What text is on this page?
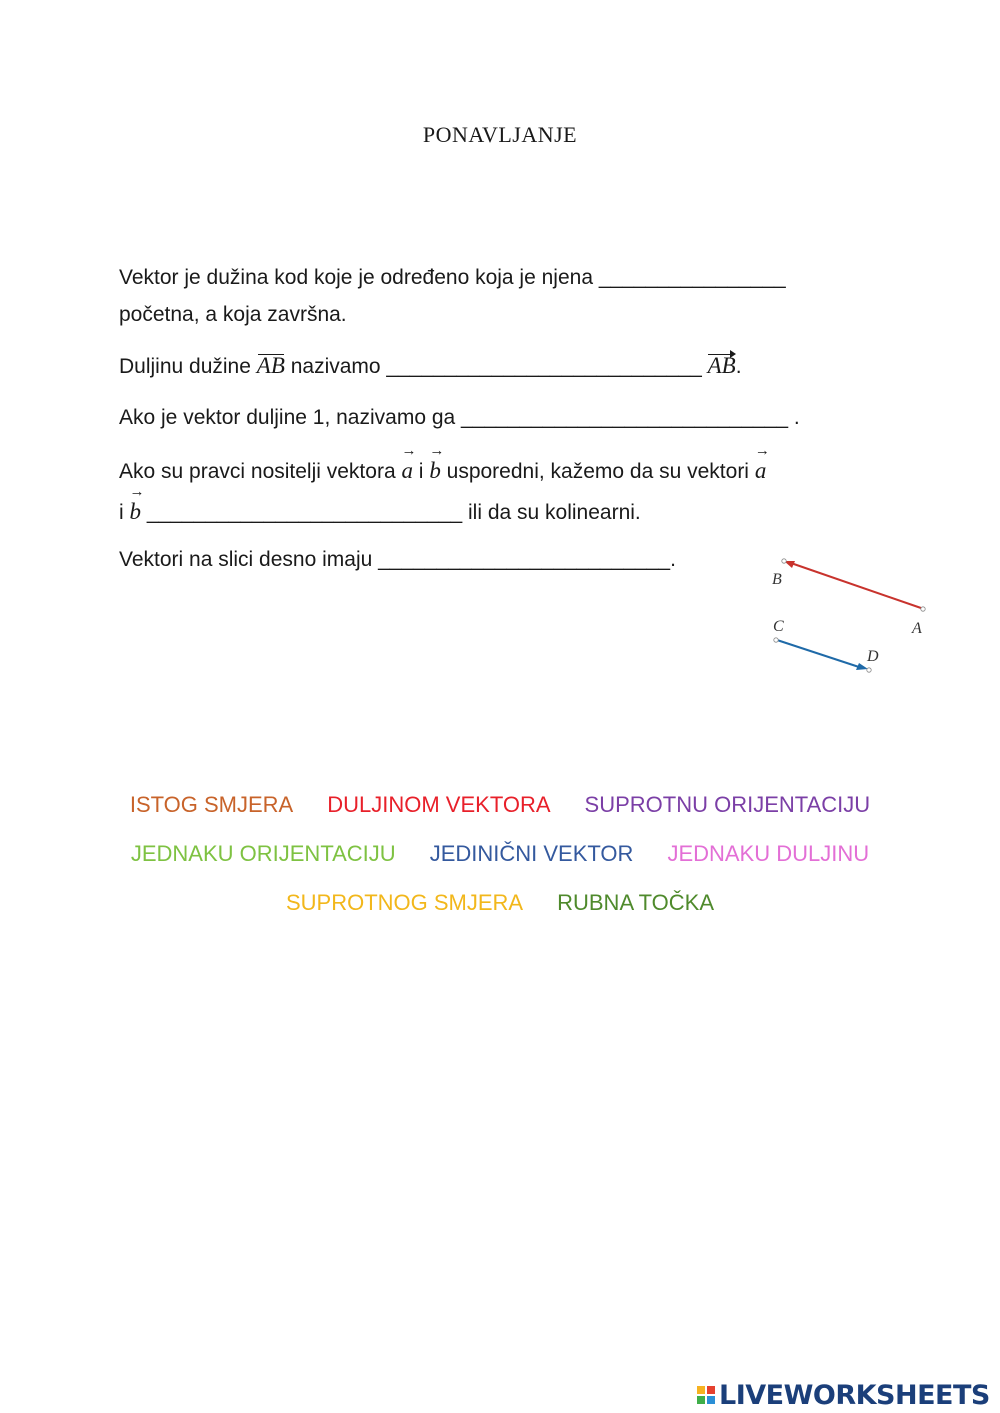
PONAVLJANJE
Vektor je dužina kod koje je određeno koja je njena ________________
početna, a koja završna.
Duljinu dužine AB nazivamo ___________________________ AB.
Ako je vektor duljine 1, nazivamo ga ____________________________ .
Ako su pravci nositelji vektora
→
a i
→
b usporedni, kažemo da su vektori
→
a
i
→
b ___________________________ ili da su kolinearni.
Vektori na slici desno imaju _________________________.
B
A
C
D
ISTOG SMJERA DULJINOM VEKTORA SUPROTNU ORIJENTACIJU
JEDNAKU ORIJENTACIJU JEDINIČNI VEKTOR JEDNAKU DULJINU
SUPROTNOG SMJERA RUBNA TOČKA
LIVEWORKSHEETS
